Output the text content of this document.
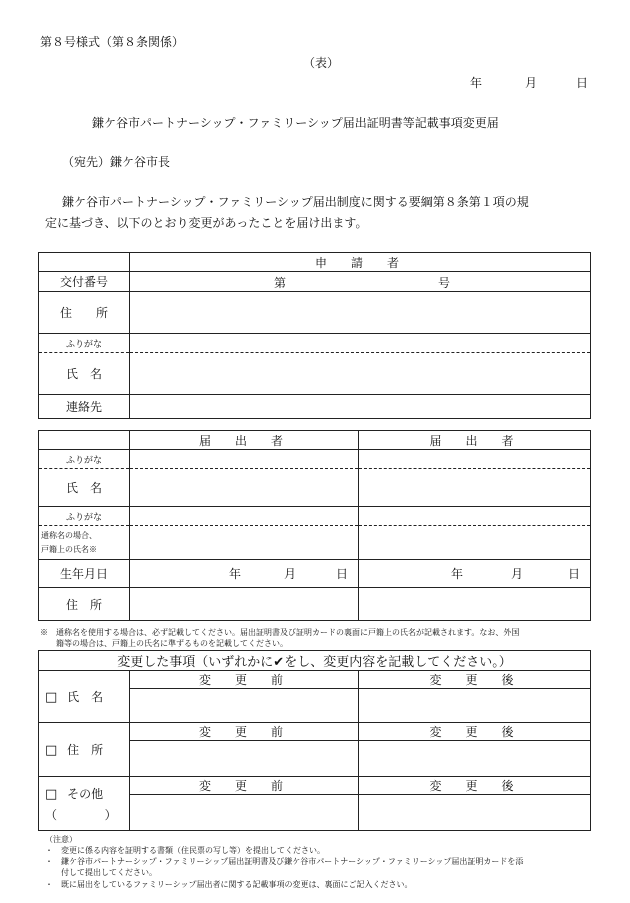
第８号様式（第８条関係）
（表）
年	月	日
鎌ケ谷市パートナーシップ・ファミリーシップ届出証明書等記載事項変更届
（宛先）鎌ケ谷市長
鎌ケ谷市パートナーシップ・ファミリーシップ届出制度に関する要綱第８条第１項の規
定に基づき、以下のとおり変更があったことを届け出ます。
	申　請　者
交付番号	第 号

住　　所	
ふりがな	
氏　名	
連絡先	
	届　出　者	届　出　者
ふりがな		
氏　名		
ふりがな		

通称名の場合、
戸籍上の氏名※		

生年月日	年 月 日	年 月 日

住　所		
※　通称名を使用する場合は、必ず記載してください。届出証明書及び証明カードの裏面に戸籍上の氏名が記載されます。なお、外国
　　籍等の場合は、戸籍上の氏名に準ずるものを記載してください。
変更した事項（いずれかに✔をし、変更内容を記載してください。）		
□ 氏　名	変　更　前	変　更　後

□ 住　所	変　更　前	変　更　後

□ その他
（ ）	変　更　前	変　更　後

（注意）
・　変更に係る内容を証明する書類（住民票の写し等）を提出してください。
・　鎌ケ谷市パートナーシップ・ファミリーシップ届出証明書及び鎌ケ谷市パートナーシップ・ファミリーシップ届出証明カードを添
　　付して提出してください。
・　既に届出をしているファミリーシップ届出者に関する記載事項の変更は、裏面にご記入ください。
